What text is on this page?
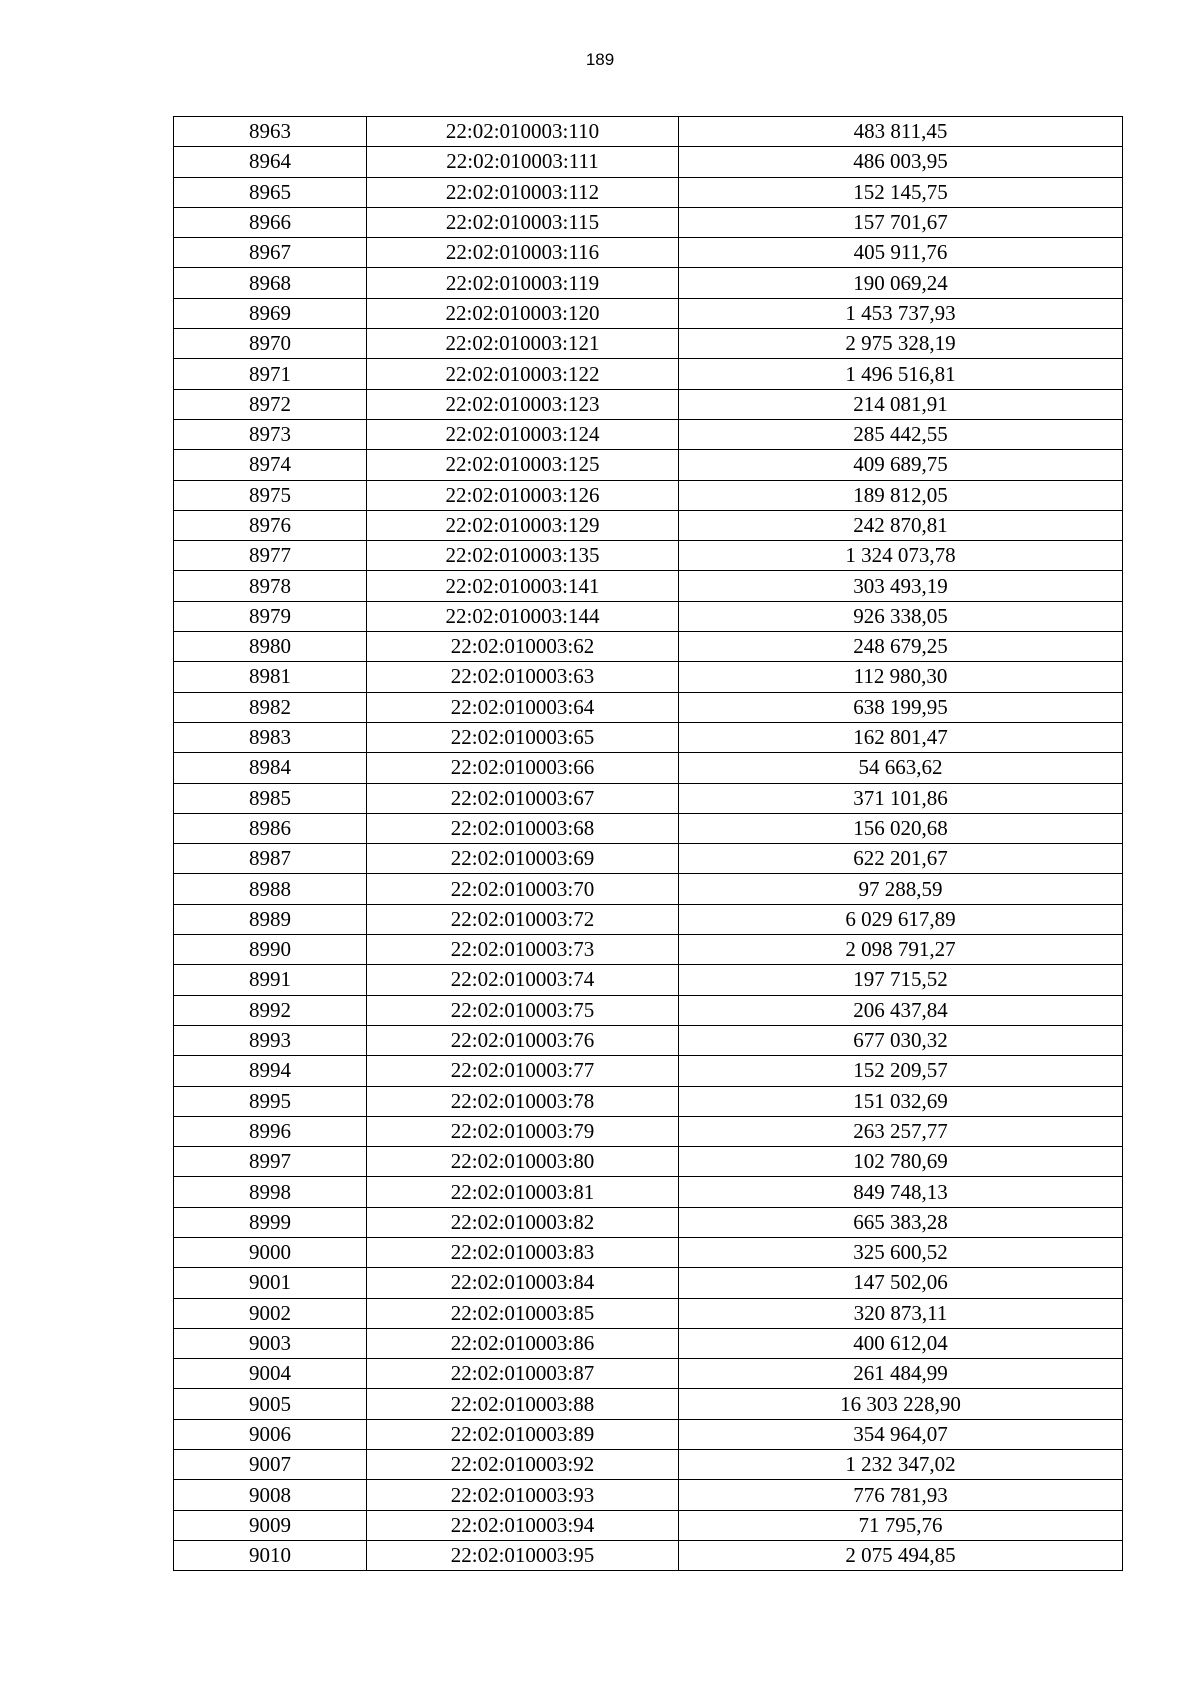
189
8963	22:02:010003:110	483 811,45
8964	22:02:010003:111	486 003,95
8965	22:02:010003:112	152 145,75
8966	22:02:010003:115	157 701,67
8967	22:02:010003:116	405 911,76
8968	22:02:010003:119	190 069,24
8969	22:02:010003:120	1 453 737,93
8970	22:02:010003:121	2 975 328,19
8971	22:02:010003:122	1 496 516,81
8972	22:02:010003:123	214 081,91
8973	22:02:010003:124	285 442,55
8974	22:02:010003:125	409 689,75
8975	22:02:010003:126	189 812,05
8976	22:02:010003:129	242 870,81
8977	22:02:010003:135	1 324 073,78
8978	22:02:010003:141	303 493,19
8979	22:02:010003:144	926 338,05
8980	22:02:010003:62	248 679,25
8981	22:02:010003:63	112 980,30
8982	22:02:010003:64	638 199,95
8983	22:02:010003:65	162 801,47
8984	22:02:010003:66	54 663,62
8985	22:02:010003:67	371 101,86
8986	22:02:010003:68	156 020,68
8987	22:02:010003:69	622 201,67
8988	22:02:010003:70	97 288,59
8989	22:02:010003:72	6 029 617,89
8990	22:02:010003:73	2 098 791,27
8991	22:02:010003:74	197 715,52
8992	22:02:010003:75	206 437,84
8993	22:02:010003:76	677 030,32
8994	22:02:010003:77	152 209,57
8995	22:02:010003:78	151 032,69
8996	22:02:010003:79	263 257,77
8997	22:02:010003:80	102 780,69
8998	22:02:010003:81	849 748,13
8999	22:02:010003:82	665 383,28
9000	22:02:010003:83	325 600,52
9001	22:02:010003:84	147 502,06
9002	22:02:010003:85	320 873,11
9003	22:02:010003:86	400 612,04
9004	22:02:010003:87	261 484,99
9005	22:02:010003:88	16 303 228,90
9006	22:02:010003:89	354 964,07
9007	22:02:010003:92	1 232 347,02
9008	22:02:010003:93	776 781,93
9009	22:02:010003:94	71 795,76
9010	22:02:010003:95	2 075 494,85
